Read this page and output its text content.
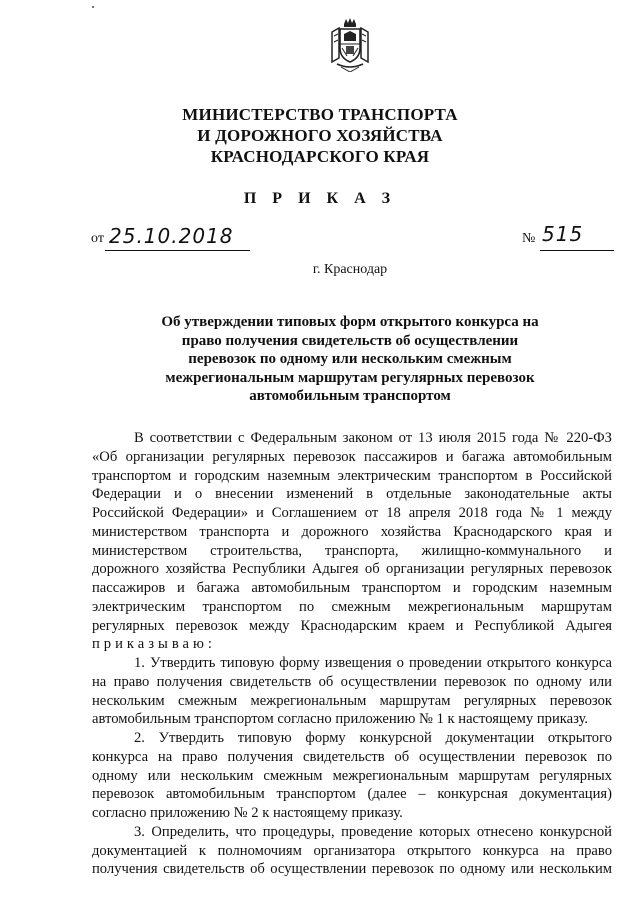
МИНИСТЕРСТВО ТРАНСПОРТА
И ДОРОЖНОГО ХОЗЯЙСТВА
КРАСНОДАРСКОГО КРАЯ
П Р И К А З
от 25.10.2018	№ 515
г. Краснодар
Об утверждении типовых форм открытого конкурса на
право получения свидетельств об осуществлении
перевозок по одному или нескольким смежным
межрегиональным маршрутам регулярных перевозок
автомобильным транспортом
В соответствии с Федеральным законом от 13 июля 2015 года № 220-ФЗ
«Об организации регулярных перевозок пассажиров и багажа автомобильным
транспортом и городским наземным электрическим транспортом в Российской
Федерации и о внесении изменений в отдельные законодательные акты
Российской Федерации» и Соглашением от 18 апреля 2018 года № 1 между
министерством транспорта и дорожного хозяйства Краснодарского края и
министерством строительства, транспорта, жилищно-коммунального и
дорожного хозяйства Республики Адыгея об организации регулярных перевозок
пассажиров и багажа автомобильным транспортом и городским наземным
электрическим транспортом по смежным межрегиональным маршрутам
регулярных перевозок между Краснодарским краем и Республикой Адыгея
приказываю:
1. Утвердить типовую форму извещения о проведении открытого конкурса
на право получения свидетельств об осуществлении перевозок по одному или
нескольким смежным межрегиональным маршрутам регулярных перевозок
автомобильным транспортом согласно приложению № 1 к настоящему приказу.
2. Утвердить типовую форму конкурсной документации открытого
конкурса на право получения свидетельств об осуществлении перевозок по
одному или нескольким смежным межрегиональным маршрутам регулярных
перевозок автомобильным транспортом (далее – конкурсная документация)
согласно приложению № 2 к настоящему приказу.
3. Определить, что процедуры, проведение которых отнесено конкурсной
документацией к полномочиям организатора открытого конкурса на право
получения свидетельств об осуществлении перевозок по одному или нескольким
